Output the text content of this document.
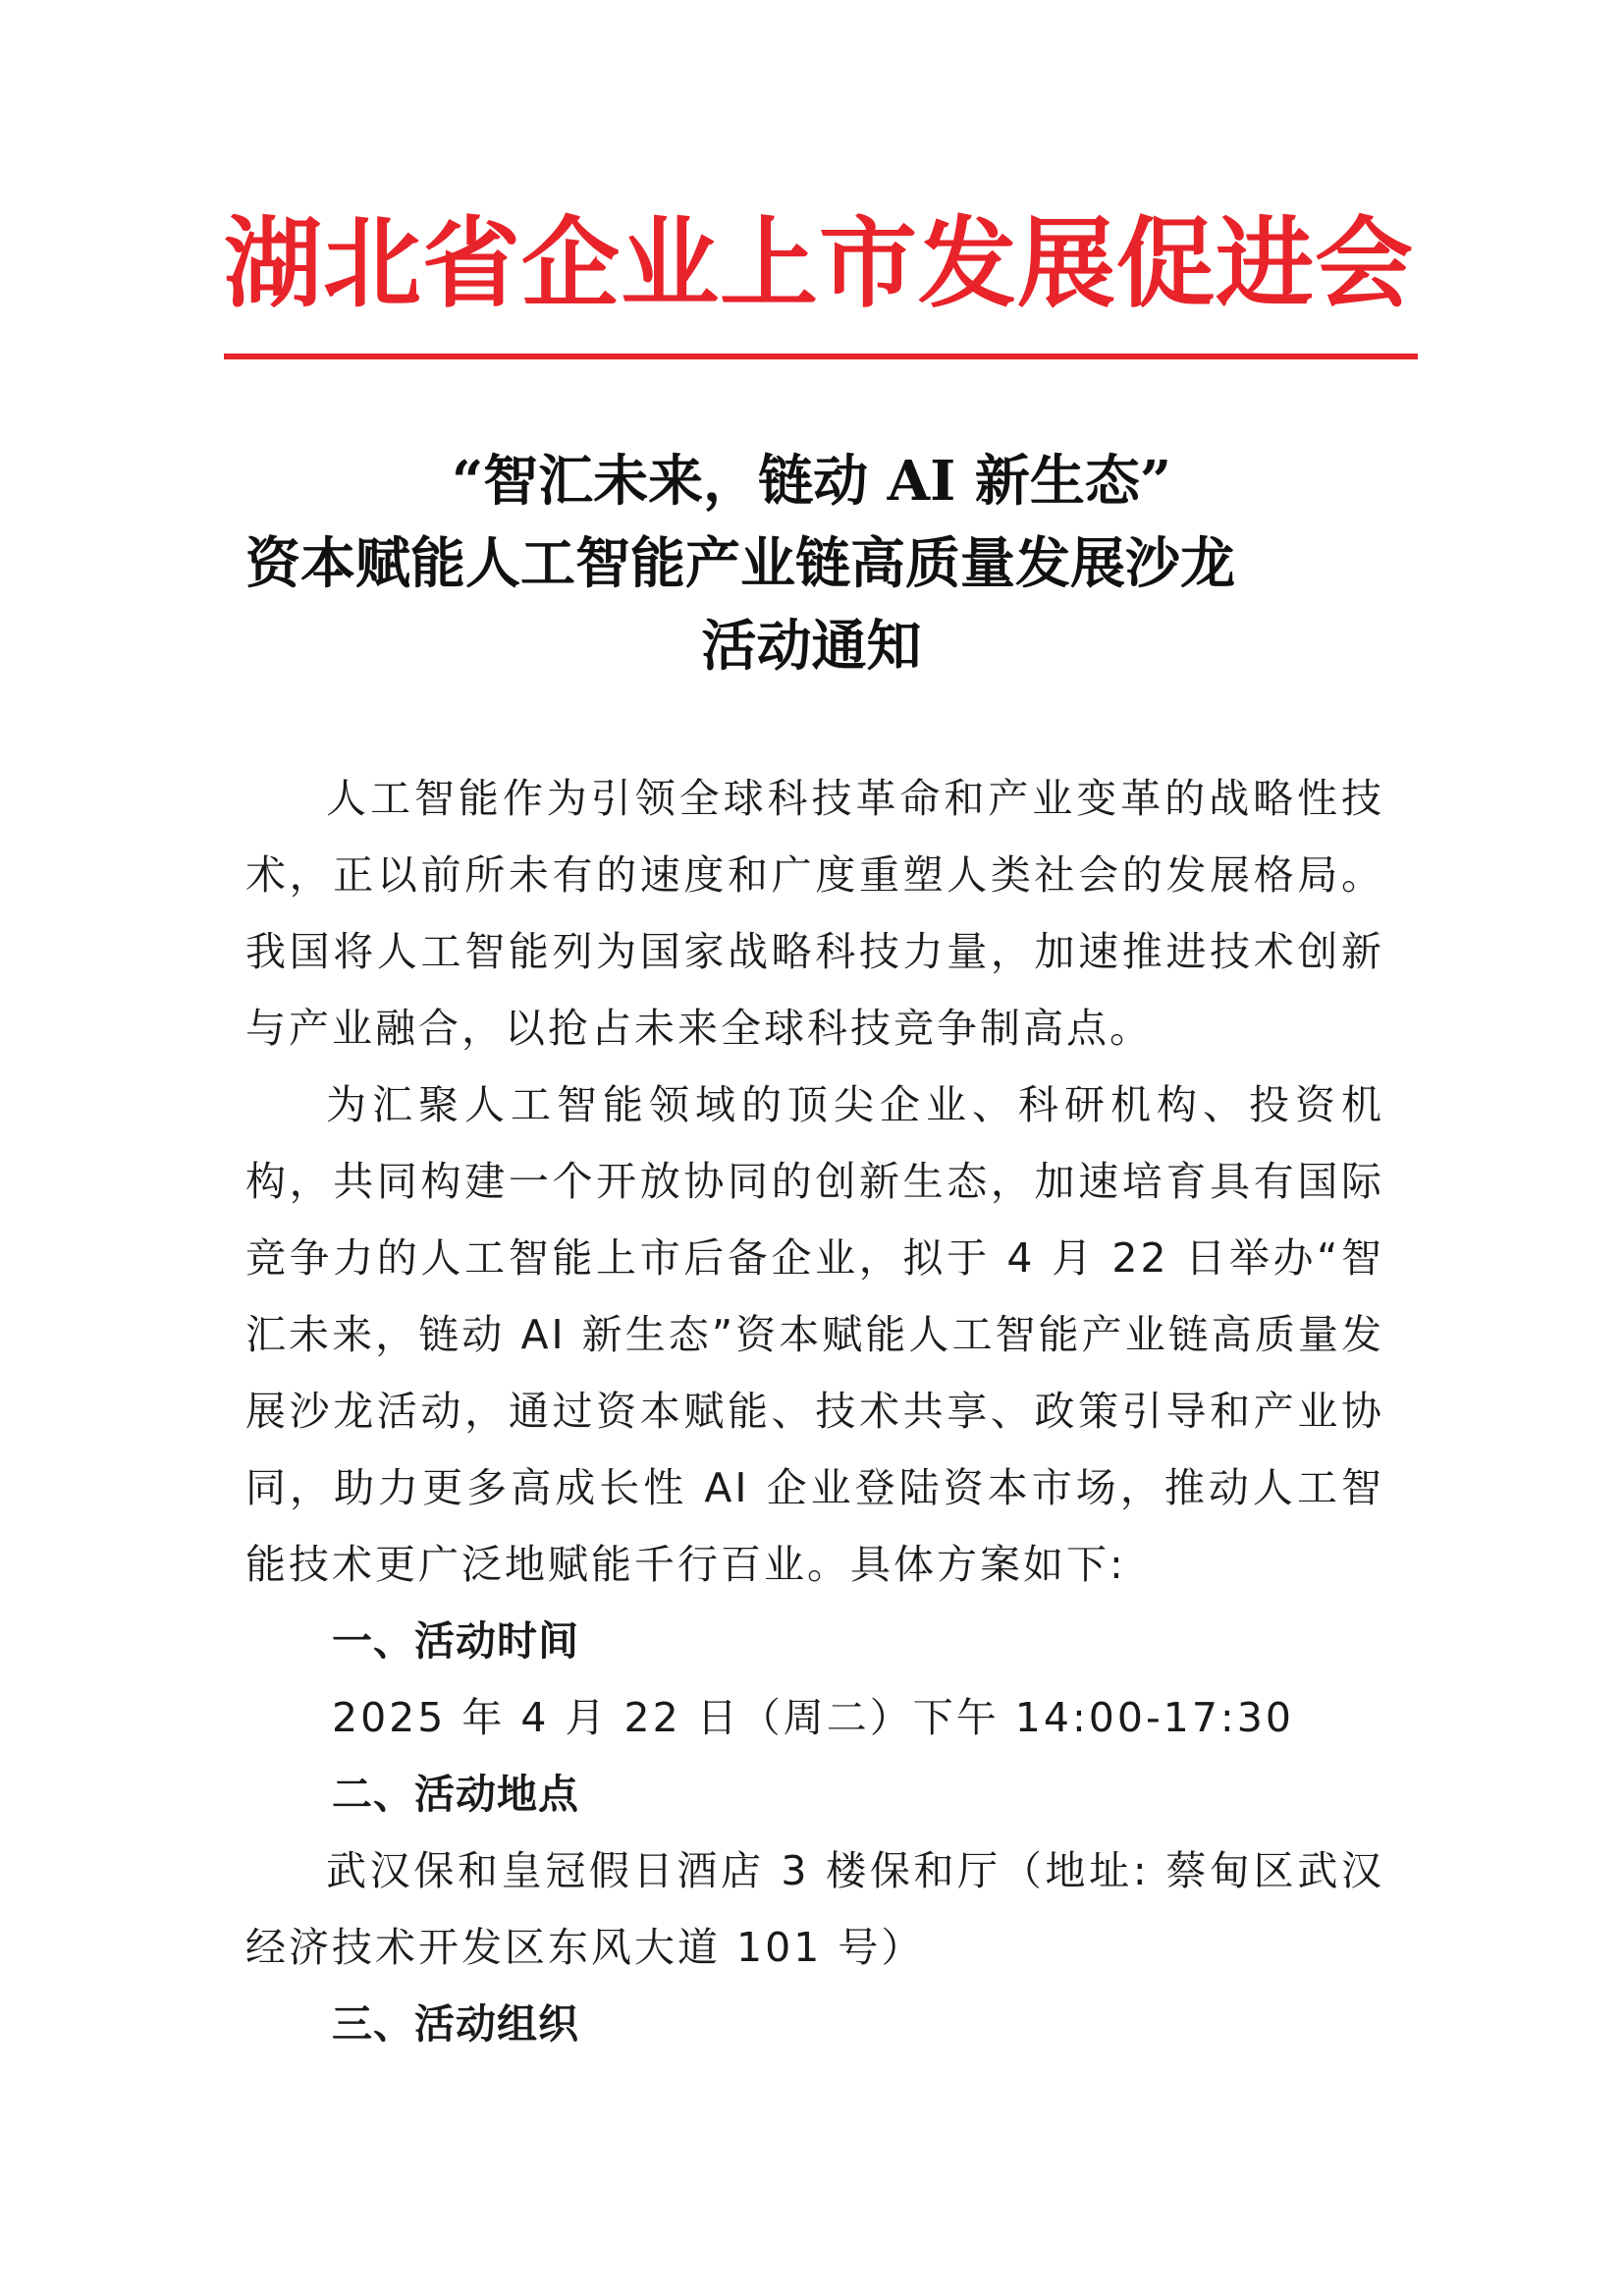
湖北省企业上市发展促进会
“智汇未来，链动 AI 新生态”
资本赋能人工智能产业链高质量发展沙龙
活动通知

人工智能作为引领全球科技革命和产业变革的战略性技术，正以前所未有的速度和广度重塑人类社会的发展格局。我国将人工智能列为国家战略科技力量，加速推进技术创新与产业融合，以抢占未来全球科技竞争制高点。

为汇聚人工智能领域的顶尖企业、科研机构、投资机构，共同构建一个开放协同的创新生态，加速培育具有国际竞争力的人工智能上市后备企业，拟于 4 月 22 日举办“智汇未来，链动 AI 新生态”资本赋能人工智能产业链高质量发展沙龙活动，通过资本赋能、技术共享、政策引导和产业协同，助力更多高成长性 AI 企业登陆资本市场，推动人工智能技术更广泛地赋能千行百业。具体方案如下:

一、活动时间

2025 年 4 月 22 日（周二）下午 14:00-17:30

二、活动地点

武汉保和皇冠假日酒店 3 楼保和厅（地址: 蔡甸区武汉经济技术开发区东风大道 101 号）

三、活动组织
